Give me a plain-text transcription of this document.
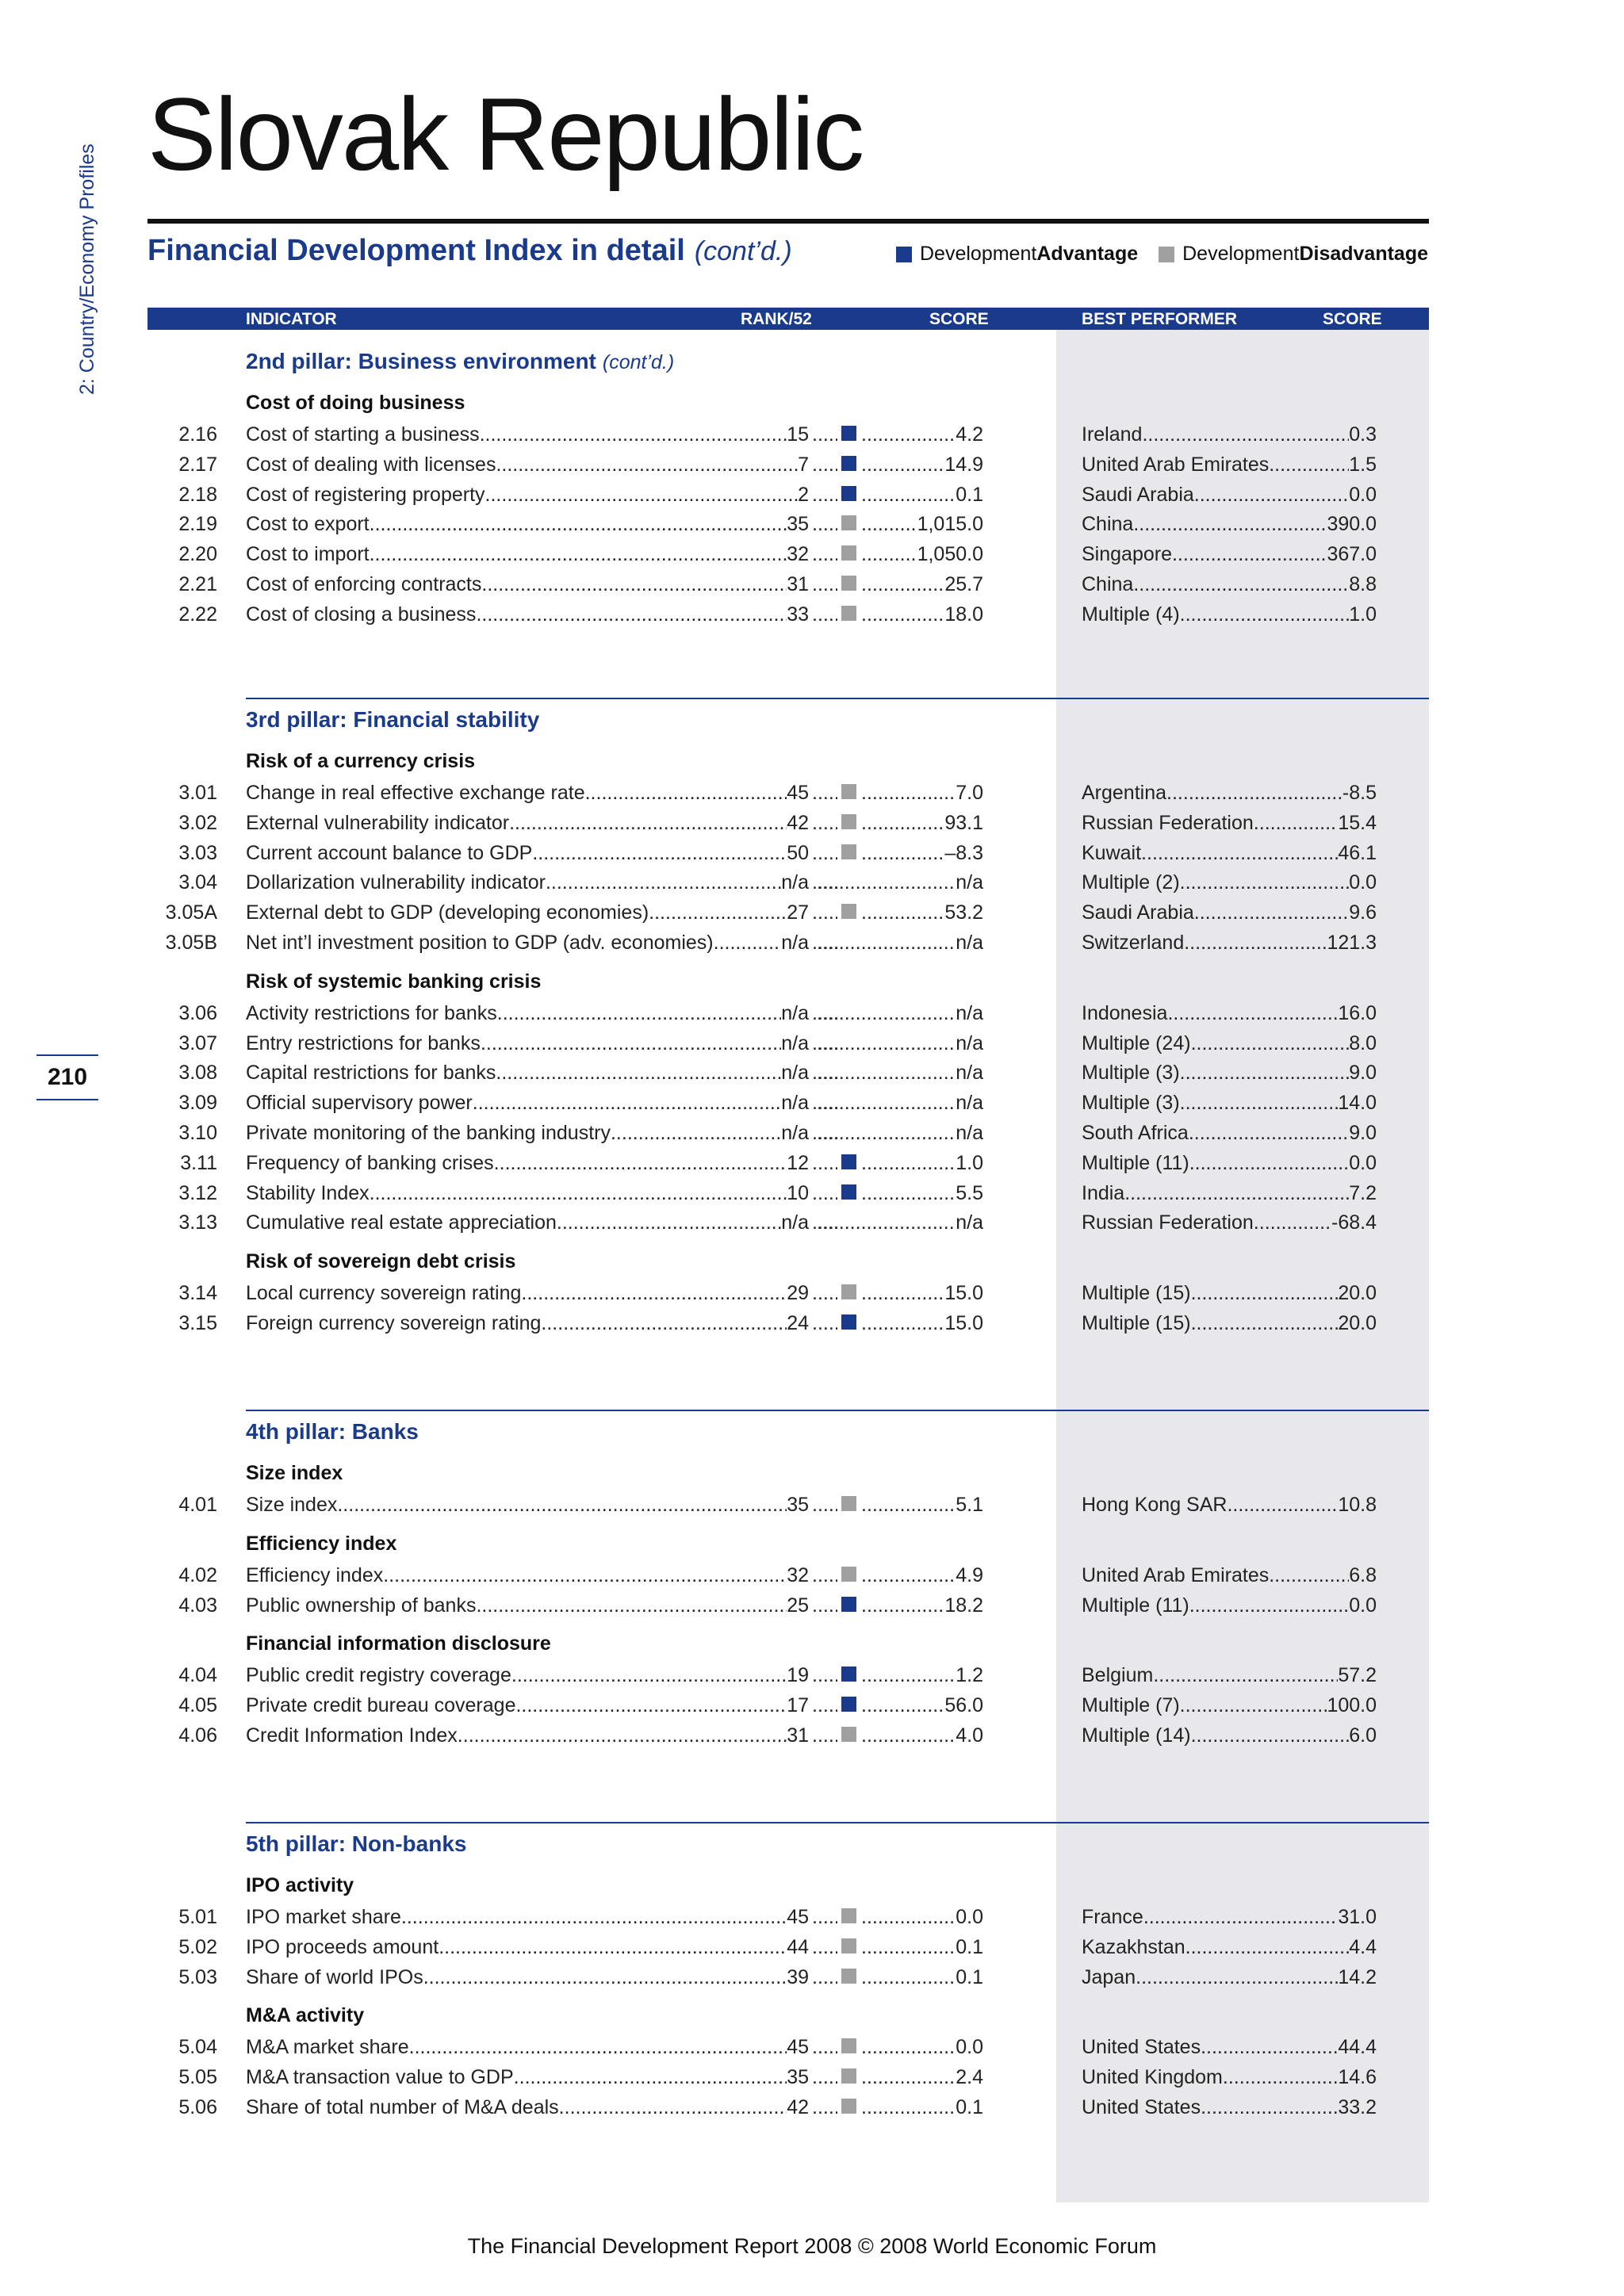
2: Country/Economy Profiles
210
Slovak Republic
Financial Development Index in detail (cont’d.)	Development Advantage Development Disadvantage
INDICATOR	RANK/52	SCORE	BEST PERFORMER	SCORE
2nd pillar: Business environment (cont’d.)
Cost of doing business
2.16 Cost of starting a business .....	15 ..... .....	4.2	Ireland .....	0.3
2.17 Cost of dealing with licenses .....	7 ..... .....	14.9	United Arab Emirates .....	1.5
2.18 Cost of registering property .....	2 ..... .....	0.1	Saudi Arabia .....	0.0
2.19 Cost to export .....	35 ..... .....	1,015.0	China .....	390.0
2.20 Cost to import .....	32 ..... .....	1,050.0	Singapore .....	367.0
2.21 Cost of enforcing contracts .....	31 ..... .....	25.7	China .....	8.8
2.22 Cost of closing a business .....	33 ..... .....	18.0	Multiple (4) .....	1.0
3rd pillar: Financial stability
Risk of a currency crisis
3.01 Change in real effective exchange rate .....	45 ..... .....	7.0	Argentina .....	-8.5
3.02 External vulnerability indicator .....	42 ..... .....	93.1	Russian Federation .....	15.4
3.03 Current account balance to GDP .....	50 ..... .....	–8.3	Kuwait .....	46.1
3.04 Dollarization vulnerability indicator .....	n/a ..... .....	n/a	Multiple (2) .....	0.0
3.05A External debt to GDP (developing economies) .....	27 ..... .....	53.2	Saudi Arabia .....	9.6
3.05B Net int’l investment position to GDP (adv. economies) .....	n/a ..... .....	n/a	Switzerland .....	121.3
Risk of systemic banking crisis
3.06 Activity restrictions for banks .....	n/a ..... .....	n/a	Indonesia .....	16.0
3.07 Entry restrictions for banks .....	n/a ..... .....	n/a	Multiple (24) .....	8.0
3.08 Capital restrictions for banks .....	n/a ..... .....	n/a	Multiple (3) .....	9.0
3.09 Official supervisory power .....	n/a ..... .....	n/a	Multiple (3) .....	14.0
3.10 Private monitoring of the banking industry .....	n/a ..... .....	n/a	South Africa .....	9.0
3.11 Frequency of banking crises .....	12 ..... .....	1.0	Multiple (11) .....	0.0
3.12 Stability Index .....	10 ..... .....	5.5	India .....	7.2
3.13 Cumulative real estate appreciation .....	n/a ..... .....	n/a	Russian Federation .....	-68.4
Risk of sovereign debt crisis
3.14 Local currency sovereign rating .....	29 ..... .....	15.0	Multiple (15) .....	20.0
3.15 Foreign currency sovereign rating .....	24 ..... .....	15.0	Multiple (15) .....	20.0
4th pillar: Banks
Size index
4.01 Size index .....	35 ..... .....	5.1	Hong Kong SAR .....	10.8
Efficiency index
4.02 Efficiency index .....	32 ..... .....	4.9	United Arab Emirates .....	6.8
4.03 Public ownership of banks .....	25 ..... .....	18.2	Multiple (11) .....	0.0
Financial information disclosure
4.04 Public credit registry coverage .....	19 ..... .....	1.2	Belgium .....	57.2
4.05 Private credit bureau coverage .....	17 ..... .....	56.0	Multiple (7) .....	100.0
4.06 Credit Information Index .....	31 ..... .....	4.0	Multiple (14) .....	6.0
5th pillar: Non-banks
IPO activity
5.01 IPO market share .....	45 ..... .....	0.0	France .....	31.0
5.02 IPO proceeds amount .....	44 ..... .....	0.1	Kazakhstan .....	4.4
5.03 Share of world IPOs .....	39 ..... .....	0.1	Japan .....	14.2
M&A activity
5.04 M&A market share .....	45 ..... .....	0.0	United States .....	44.4
5.05 M&A transaction value to GDP .....	35 ..... .....	2.4	United Kingdom .....	14.6
5.06 Share of total number of M&A deals .....	42 ..... .....	0.1	United States .....	33.2
The Financial Development Report 2008 © 2008 World Economic Forum
